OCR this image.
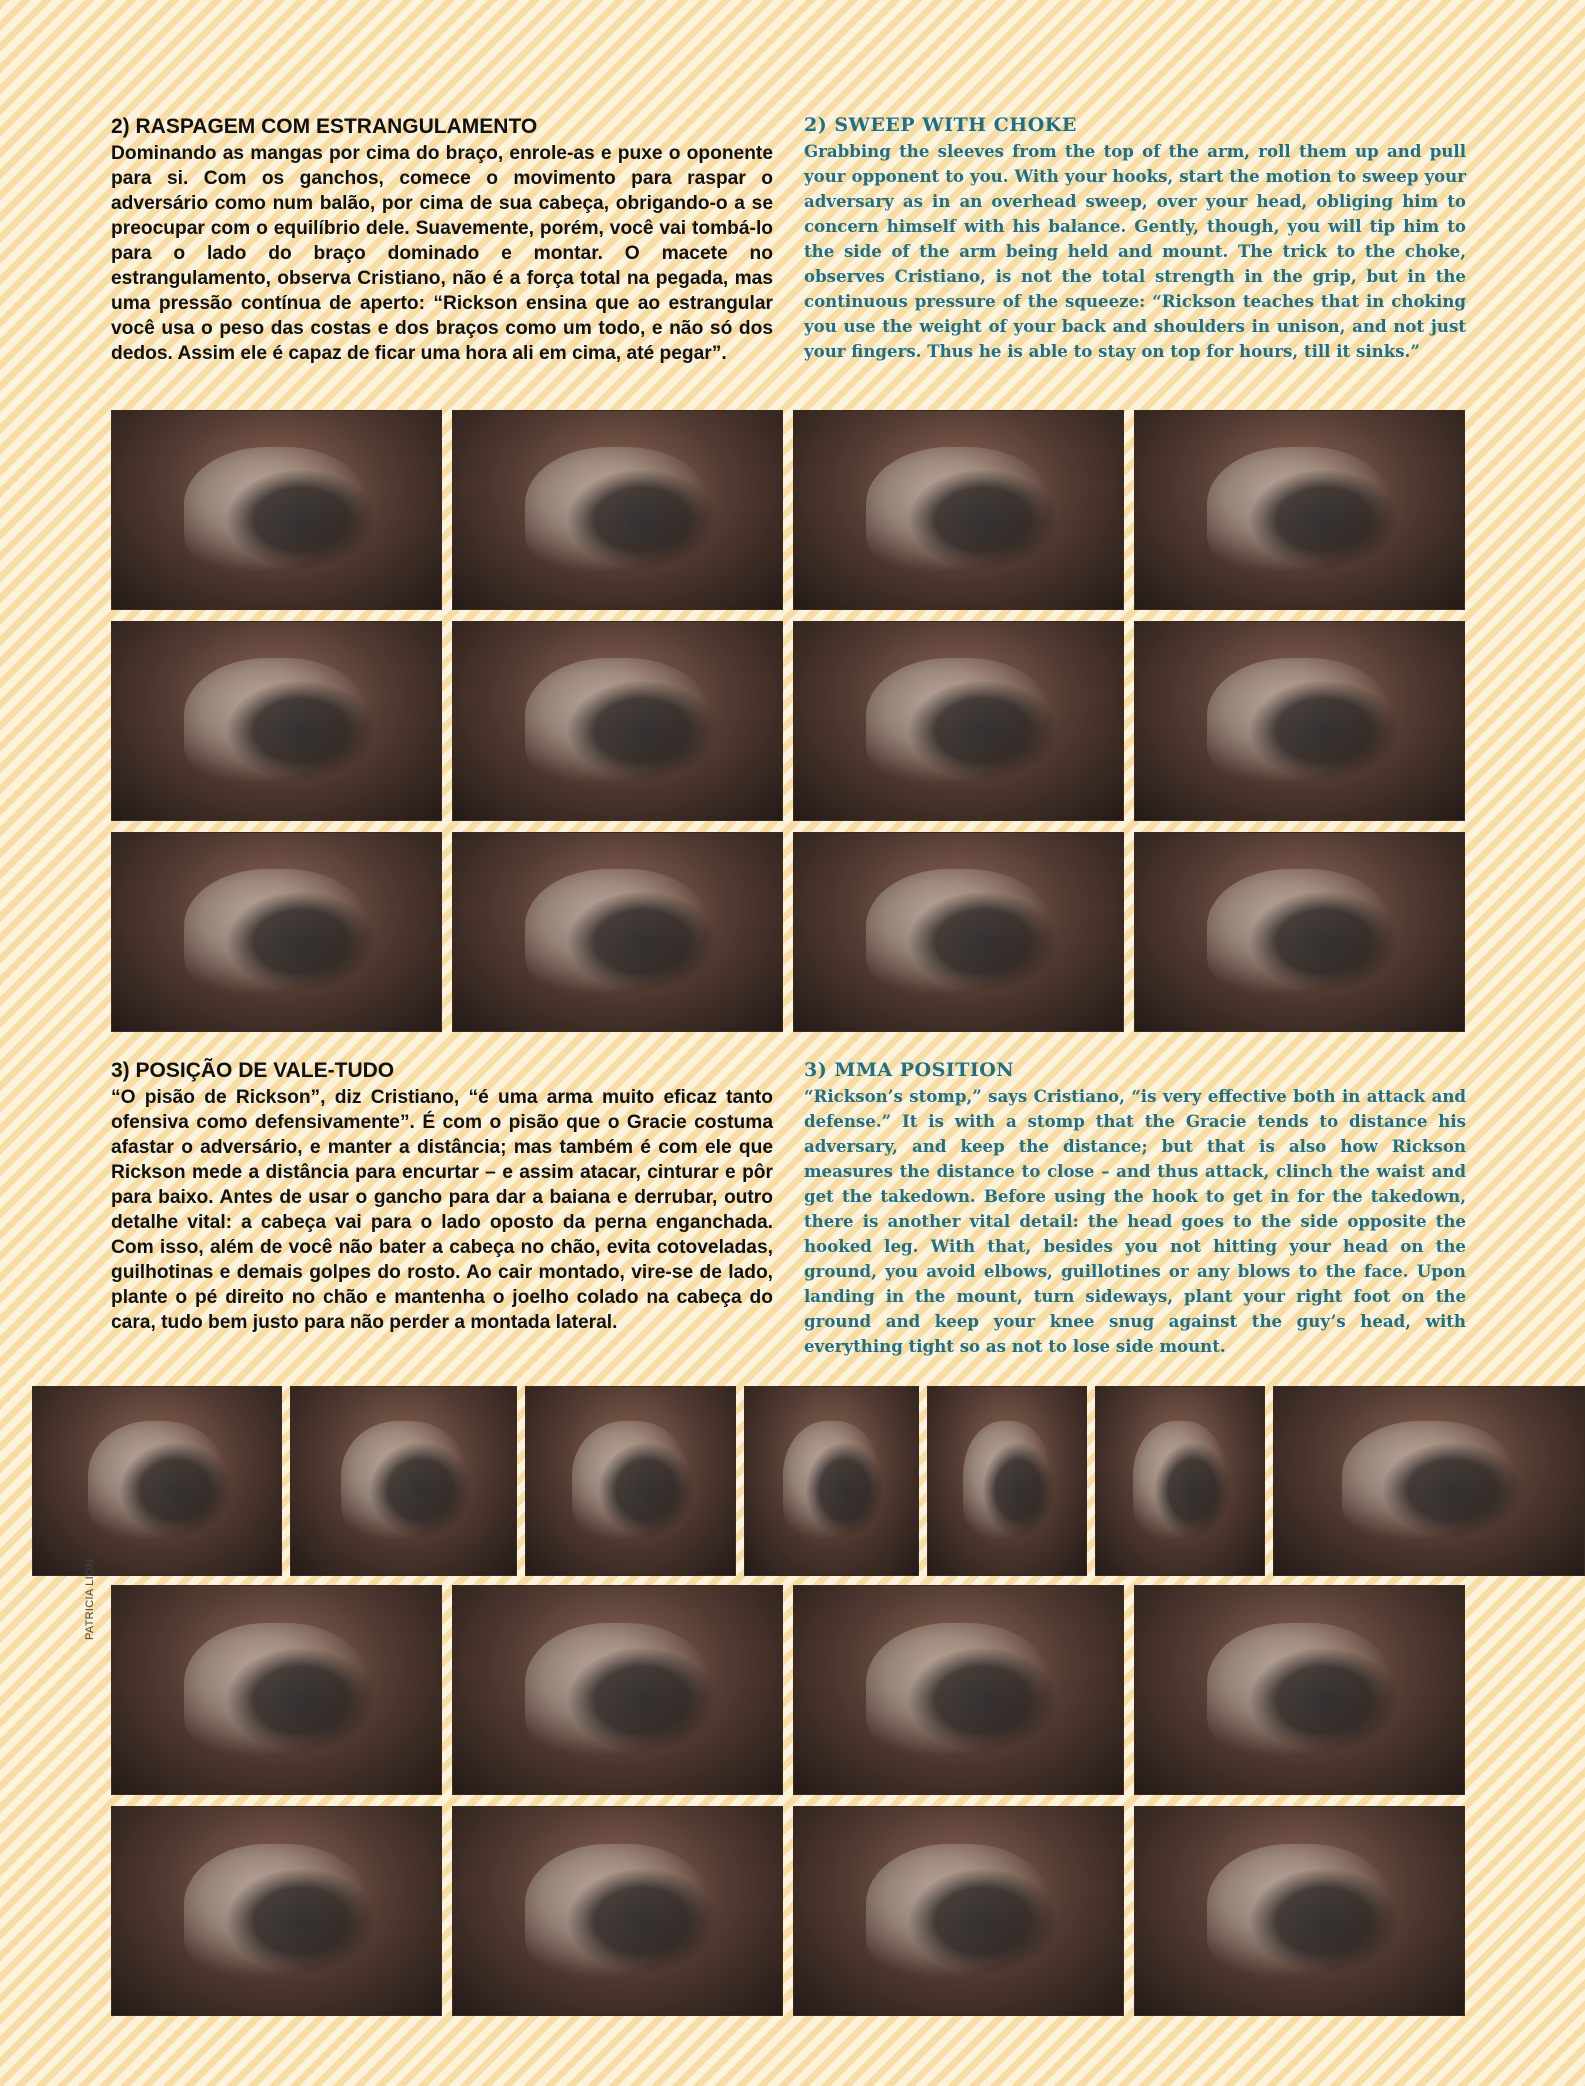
2) RASPAGEM COM ESTRANGULAMENTO

Dominando as mangas por cima do braço, enrole-as e puxe o oponente para si. Com os ganchos, comece o movimento para raspar o adversário como num balão, por cima de sua cabeça, obrigando-o a se preocupar com o equilíbrio dele. Suavemente, porém, você vai tombá-lo para o lado do braço dominado e montar. O macete no estrangulamento, observa Cristiano, não é a força total na pegada, mas uma pressão contínua de aperto: “Rickson ensina que ao estrangular você usa o peso das costas e dos braços como um todo, e não só dos dedos. Assim ele é capaz de ficar uma hora ali em cima, até pegar”.

2) SWEEP WITH CHOKE

Grabbing the sleeves from the top of the arm, roll them up and pull your opponent to you. With your hooks, start the motion to sweep your adversary as in an overhead sweep, over your head, obliging him to concern himself with his balance. Gently, though, you will tip him to the side of the arm being held and mount. The trick to the choke, observes Cristiano, is not the total strength in the grip, but in the continuous pressure of the squeeze: “Rickson teaches that in choking you use the weight of your back and shoulders in unison, and not just your fingers. Thus he is able to stay on top for hours, till it sinks.”

3) POSIÇÃO DE VALE-TUDO

“O pisão de Rickson”, diz Cristiano, “é uma arma muito eficaz tanto ofensiva como defensivamente”. É com o pisão que o Gracie costuma afastar o adversário, e manter a distância; mas também é com ele que Rickson mede a distância para encurtar – e assim atacar, cinturar e pôr para baixo. Antes de usar o gancho para dar a baiana e derrubar, outro detalhe vital: a cabeça vai para o lado oposto da perna enganchada. Com isso, além de você não bater a cabeça no chão, evita cotoveladas, guilhotinas e demais golpes do rosto. Ao cair montado, vire-se de lado, plante o pé direito no chão e mantenha o joelho colado na cabeça do cara, tudo bem justo para não perder a montada lateral.

3) MMA POSITION

“Rickson’s stomp,” says Cristiano, “is very effective both in attack and defense.” It is with a stomp that the Gracie tends to distance his adversary, and keep the distance; but that is also how Rickson measures the distance to close – and thus attack, clinch the waist and get the takedown. Before using the hook to get in for the takedown, there is another vital detail: the head goes to the side opposite the hooked leg. With that, besides you not hitting your head on the ground, you avoid elbows, guillotines or any blows to the face. Upon landing in the mount, turn sideways, plant your right foot on the ground and keep your knee snug against the guy’s head, with everything tight so as not to lose side mount.

PATRICIA LION
